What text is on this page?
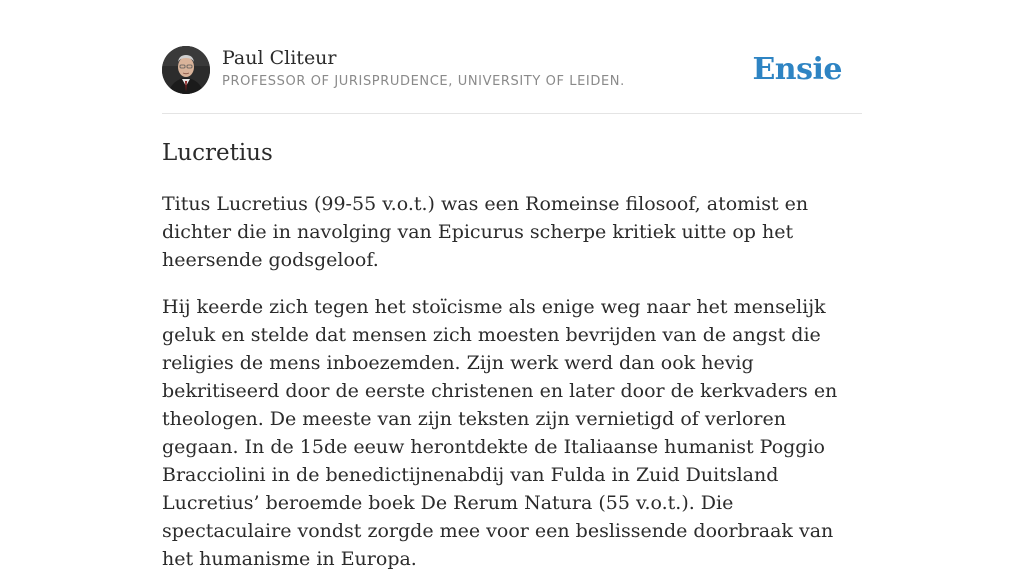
Paul Cliteur
PROFESSOR OF JURISPRUDENCE, UNIVERSITY OF LEIDEN.	Ensie
Lucretius

Titus Lucretius (99-55 v.o.t.) was een Romeinse filosoof, atomist en dichter die in navolging van Epicurus scherpe kritiek uitte op het heersende godsgeloof.

Hij keerde zich tegen het stoïcisme als enige weg naar het menselijk geluk en stelde dat mensen zich moesten bevrijden van de angst die religies de mens inboezemden. Zijn werk werd dan ook hevig bekritiseerd door de eerste christenen en later door de kerkvaders en theologen. De meeste van zijn teksten zijn vernietigd of verloren gegaan. In de 15de eeuw herontdekte de Italiaanse humanist Poggio Bracciolini in de benedictijnenabdij van Fulda in Zuid Duitsland Lucretius’ beroemde boek De Rerum Natura (55 v.o.t.). Die spectaculaire vondst zorgde mee voor een beslissende doorbraak van het humanisme in Europa.
